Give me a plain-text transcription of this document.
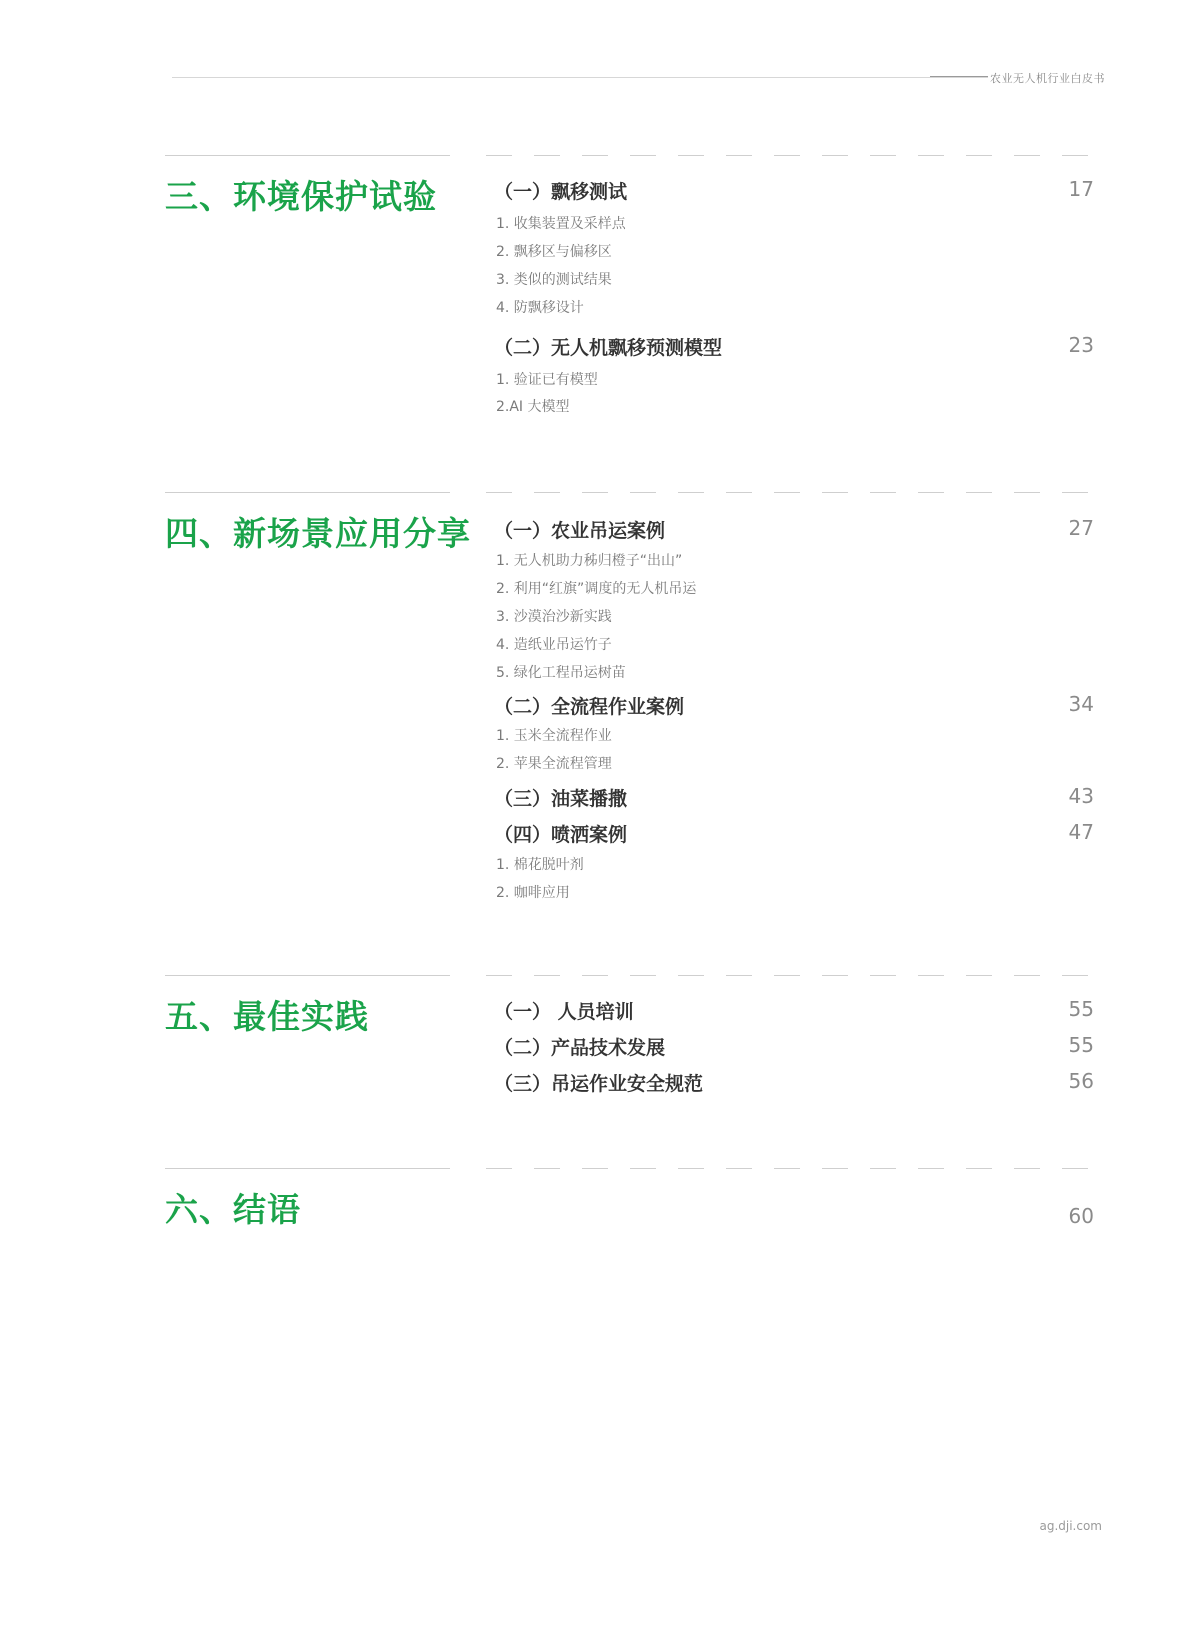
农业无人机行业白皮书
三、环境保护试验	（一）飘移测试	17
1. 收集装置及采样点
2. 飘移区与偏移区
3. 类似的测试结果
4. 防飘移设计
（二）无人机飘移预测模型	23
1. 验证已有模型
2.AI 大模型
四、新场景应用分享 （一）农业吊运案例	27
1. 无人机助力秭归橙子“出山”
2. 利用“红旗”调度的无人机吊运
3. 沙漠治沙新实践
4. 造纸业吊运竹子
5. 绿化工程吊运树苗
（二）全流程作业案例	34
1. 玉米全流程作业
2. 苹果全流程管理
（三）油菜播撒	43
（四）喷洒案例	47
1. 棉花脱叶剂
2. 咖啡应用
五、最佳实践	（一） 人员培训	55
（二）产品技术发展	55
（三）吊运作业安全规范	56
六、结语	60
ag.dji.com
